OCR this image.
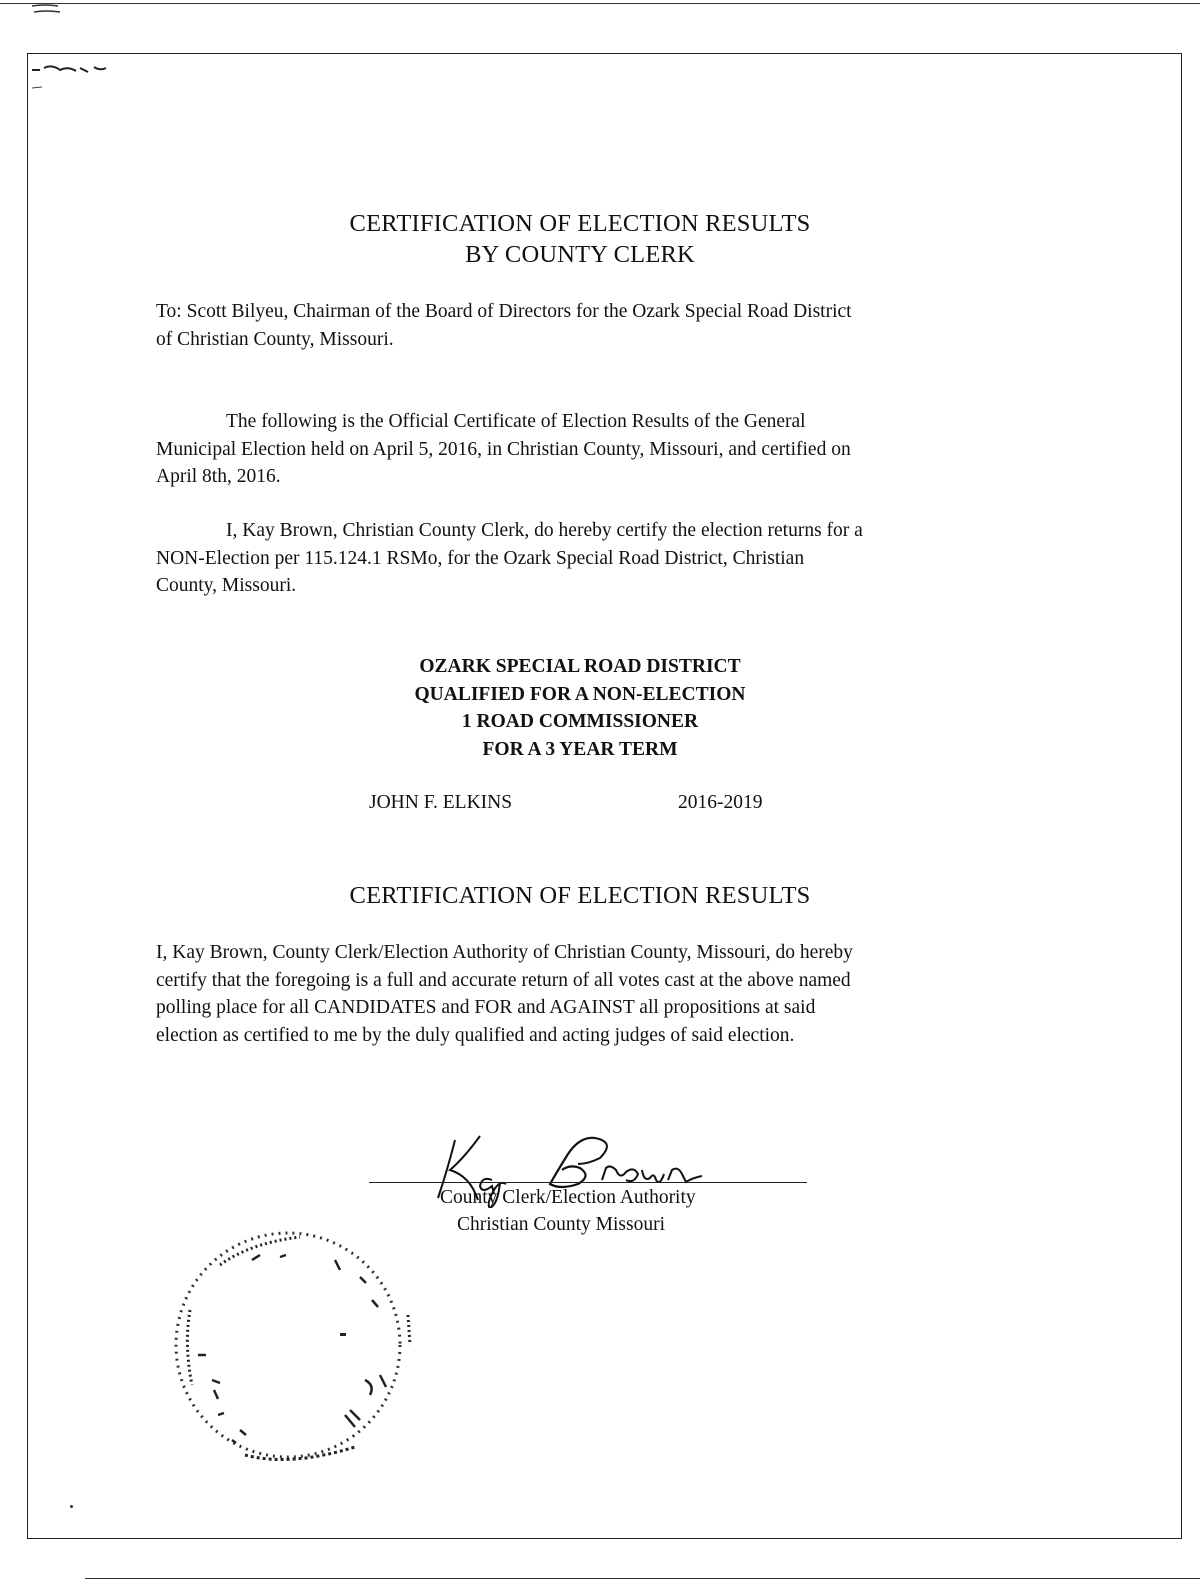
CERTIFICATION OF ELECTION RESULTS
BY COUNTY CLERK
To: Scott Bilyeu, Chairman of the Board of Directors for the Ozark Special Road District
of Christian County, Missouri.
The following is the Official Certificate of Election Results of the General
Municipal Election held on April 5, 2016, in Christian County, Missouri, and certified on
April 8th, 2016.
I, Kay Brown, Christian County Clerk, do hereby certify the election returns for a
NON-Election per 115.124.1 RSMo, for the Ozark Special Road District, Christian
County, Missouri.
OZARK SPECIAL ROAD DISTRICT
QUALIFIED FOR A NON-ELECTION
1 ROAD COMMISSIONER
FOR A 3 YEAR TERM
JOHN F. ELKINS	2016-2019
CERTIFICATION OF ELECTION RESULTS
I, Kay Brown, County Clerk/Election Authority of Christian County, Missouri, do hereby
certify that the foregoing is a full and accurate return of all votes cast at the above named
polling place for all CANDIDATES and FOR and AGAINST all propositions at said
election as certified to me by the duly qualified and acting judges of said election.
County Clerk/Election Authority
Christian County Missouri
